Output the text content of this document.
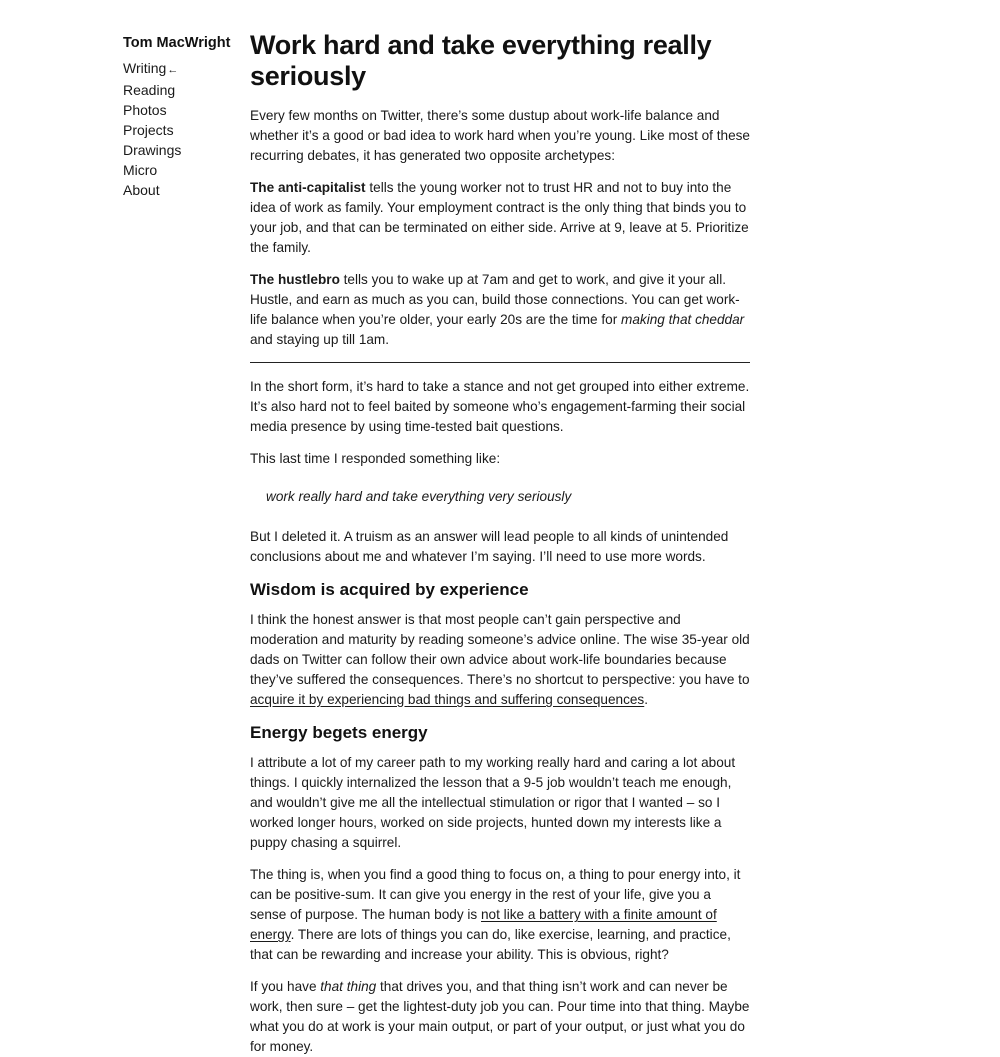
Tom MacWright
Writing←
Reading
Photos
Projects
Drawings
Micro
About
Work hard and take everything really seriously

Every few months on Twitter, there’s some dustup about work-life balance and whether it’s a good or bad idea to work hard when you’re young. Like most of these recurring debates, it has generated two opposite archetypes:

The anti-capitalist tells the young worker not to trust HR and not to buy into the idea of work as family. Your employment contract is the only thing that binds you to your job, and that can be terminated on either side. Arrive at 9, leave at 5. Prioritize the family.

The hustlebro tells you to wake up at 7am and get to work, and give it your all. Hustle, and earn as much as you can, build those connections. You can get work-life balance when you’re older, your early 20s are the time for making that cheddar and staying up till 1am.

In the short form, it’s hard to take a stance and not get grouped into either extreme. It’s also hard not to feel baited by someone who’s engagement-farming their social media presence by using time-tested bait questions.

This last time I responded something like:

work really hard and take everything very seriously

But I deleted it. A truism as an answer will lead people to all kinds of unintended conclusions about me and whatever I’m saying. I’ll need to use more words.

Wisdom is acquired by experience

I think the honest answer is that most people can’t gain perspective and moderation and maturity by reading someone’s advice online. The wise 35-year old dads on Twitter can follow their own advice about work-life boundaries because they’ve suffered the consequences. There’s no shortcut to perspective: you have to acquire it by experiencing bad things and suffering consequences.

Energy begets energy

I attribute a lot of my career path to my working really hard and caring a lot about things. I quickly internalized the lesson that a 9-5 job wouldn’t teach me enough, and wouldn’t give me all the intellectual stimulation or rigor that I wanted – so I worked longer hours, worked on side projects, hunted down my interests like a puppy chasing a squirrel.

The thing is, when you find a good thing to focus on, a thing to pour energy into, it can be positive-sum. It can give you energy in the rest of your life, give you a sense of purpose. The human body is not like a battery with a finite amount of energy. There are lots of things you can do, like exercise, learning, and practice, that can be rewarding and increase your ability. This is obvious, right?

If you have that thing that drives you, and that thing isn’t work and can never be work, then sure – get the lightest-duty job you can. Pour time into that thing. Maybe what you do at work is your main output, or part of your output, or just what you do for money.
